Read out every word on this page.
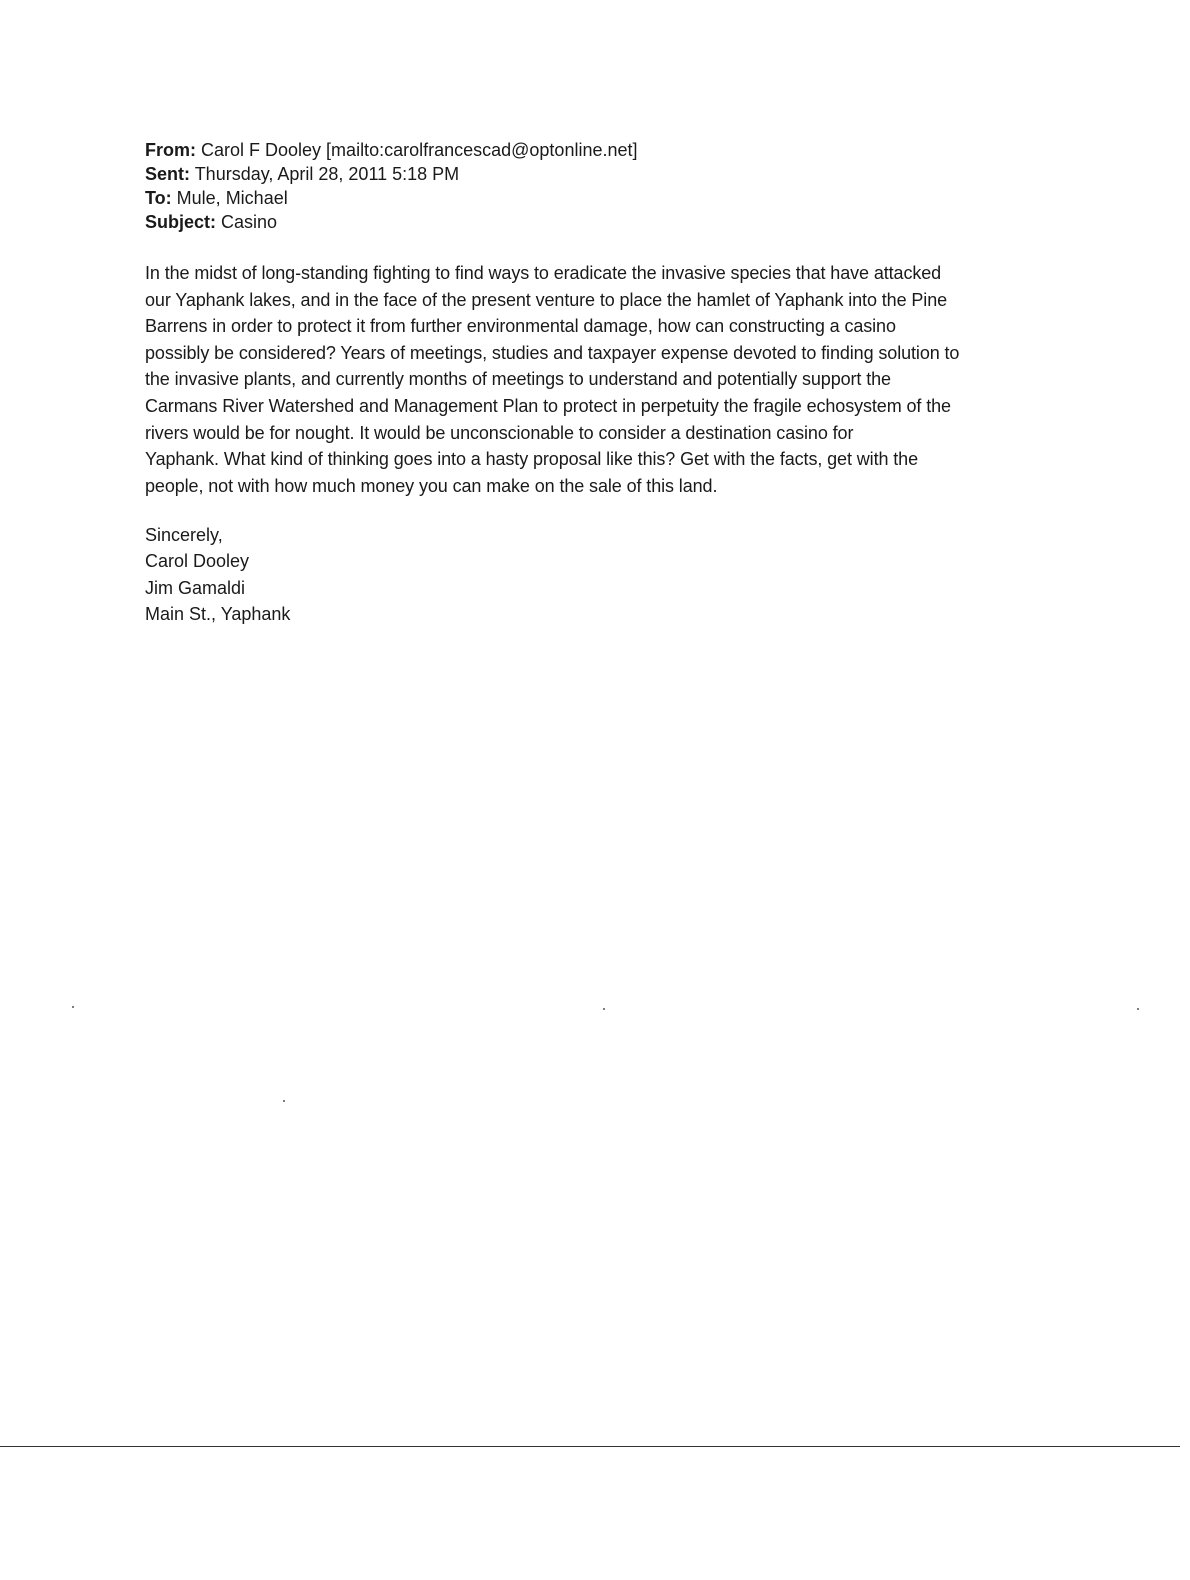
From: Carol F Dooley [mailto:carolfrancescad@optonline.net]
Sent: Thursday, April 28, 2011 5:18 PM
To: Mule, Michael
Subject: Casino
In the midst of long-standing fighting to find ways to eradicate the invasive species that have attacked
our Yaphank lakes, and in the face of the present venture to place the hamlet of Yaphank into the Pine
Barrens in order to protect it from further environmental damage, how can constructing a casino
possibly be considered? Years of meetings, studies and taxpayer expense devoted to finding solution to
the invasive plants, and currently months of meetings to understand and potentially support the
Carmans River Watershed and Management Plan to protect in perpetuity the fragile echosystem of the
rivers would be for nought. It would be unconscionable to consider a destination casino for
Yaphank. What kind of thinking goes into a hasty proposal like this? Get with the facts, get with the
people, not with how much money you can make on the sale of this land.
Sincerely,
Carol Dooley
Jim Gamaldi
Main St., Yaphank
